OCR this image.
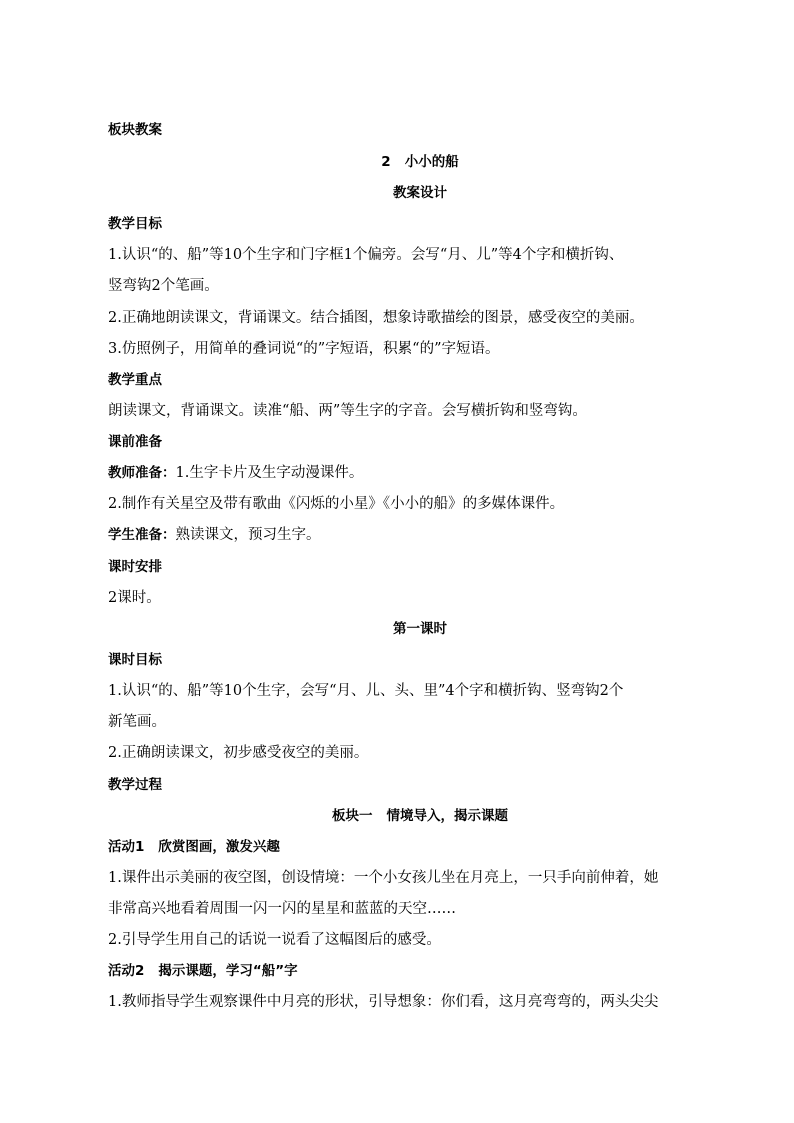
板块教案
2 小小的船
教案设计
教学目标
1.认识“的、船”等10个生字和门字框1个偏旁。会写“月、儿”等4个字和横折钩、
竖弯钩2个笔画。
2.正确地朗读课文，背诵课文。结合插图，想象诗歌描绘的图景，感受夜空的美丽。
3.仿照例子，用简单的叠词说“的”字短语，积累“的”字短语。
教学重点
朗读课文，背诵课文。读准“船、两”等生字的字音。会写横折钩和竖弯钩。
课前准备
教师准备：1.生字卡片及生字动漫课件。
2.制作有关星空及带有歌曲《闪烁的小星》《小小的船》的多媒体课件。
学生准备：熟读课文，预习生字。
课时安排
2课时。
第一课时
课时目标
1.认识“的、船”等10个生字，会写“月、儿、头、里”4个字和横折钩、竖弯钩2个
新笔画。
2.正确朗读课文，初步感受夜空的美丽。
教学过程
板块一 情境导入，揭示课题
活动1 欣赏图画，激发兴趣
1.课件出示美丽的夜空图，创设情境：一个小女孩儿坐在月亮上，一只手向前伸着，她
非常高兴地看着周围一闪一闪的星星和蓝蓝的天空……
2.引导学生用自己的话说一说看了这幅图后的感受。
活动2 揭示课题，学习“船”字
1.教师指导学生观察课件中月亮的形状，引导想象：你们看，这月亮弯弯的，两头尖尖
